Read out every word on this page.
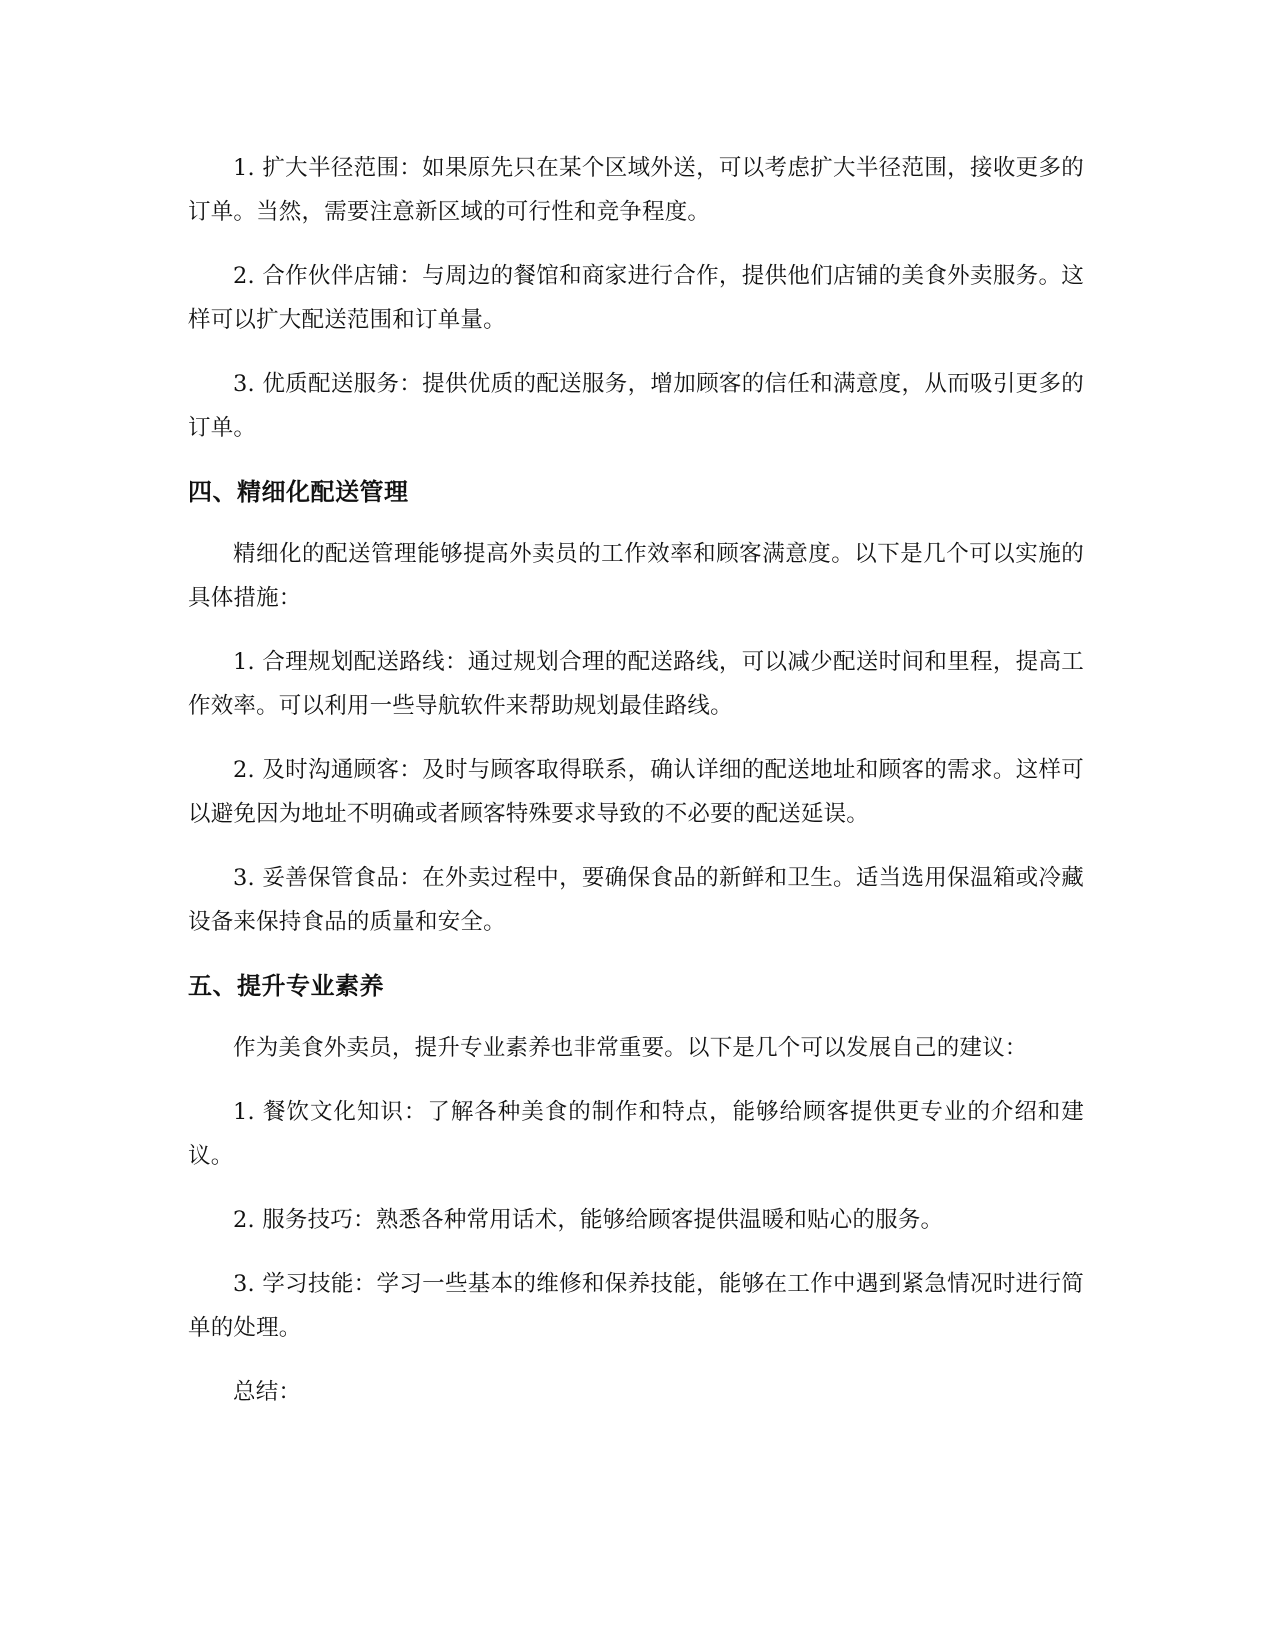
1. 扩大半径范围：如果原先只在某个区域外送，可以考虑扩大半径范围，接收更多的订单。当然，需要注意新区域的可行性和竞争程度。

2. 合作伙伴店铺：与周边的餐馆和商家进行合作，提供他们店铺的美食外卖服务。这样可以扩大配送范围和订单量。

3. 优质配送服务：提供优质的配送服务，增加顾客的信任和满意度，从而吸引更多的订单。

四、精细化配送管理

精细化的配送管理能够提高外卖员的工作效率和顾客满意度。以下是几个可以实施的具体措施：

1. 合理规划配送路线：通过规划合理的配送路线，可以减少配送时间和里程，提高工作效率。可以利用一些导航软件来帮助规划最佳路线。

2. 及时沟通顾客：及时与顾客取得联系，确认详细的配送地址和顾客的需求。这样可以避免因为地址不明确或者顾客特殊要求导致的不必要的配送延误。

3. 妥善保管食品：在外卖过程中，要确保食品的新鲜和卫生。适当选用保温箱或冷藏设备来保持食品的质量和安全。

五、提升专业素养

作为美食外卖员，提升专业素养也非常重要。以下是几个可以发展自己的建议：

1. 餐饮文化知识：了解各种美食的制作和特点，能够给顾客提供更专业的介绍和建议。

2. 服务技巧：熟悉各种常用话术，能够给顾客提供温暖和贴心的服务。

3. 学习技能：学习一些基本的维修和保养技能，能够在工作中遇到紧急情况时进行简单的处理。

总结：
